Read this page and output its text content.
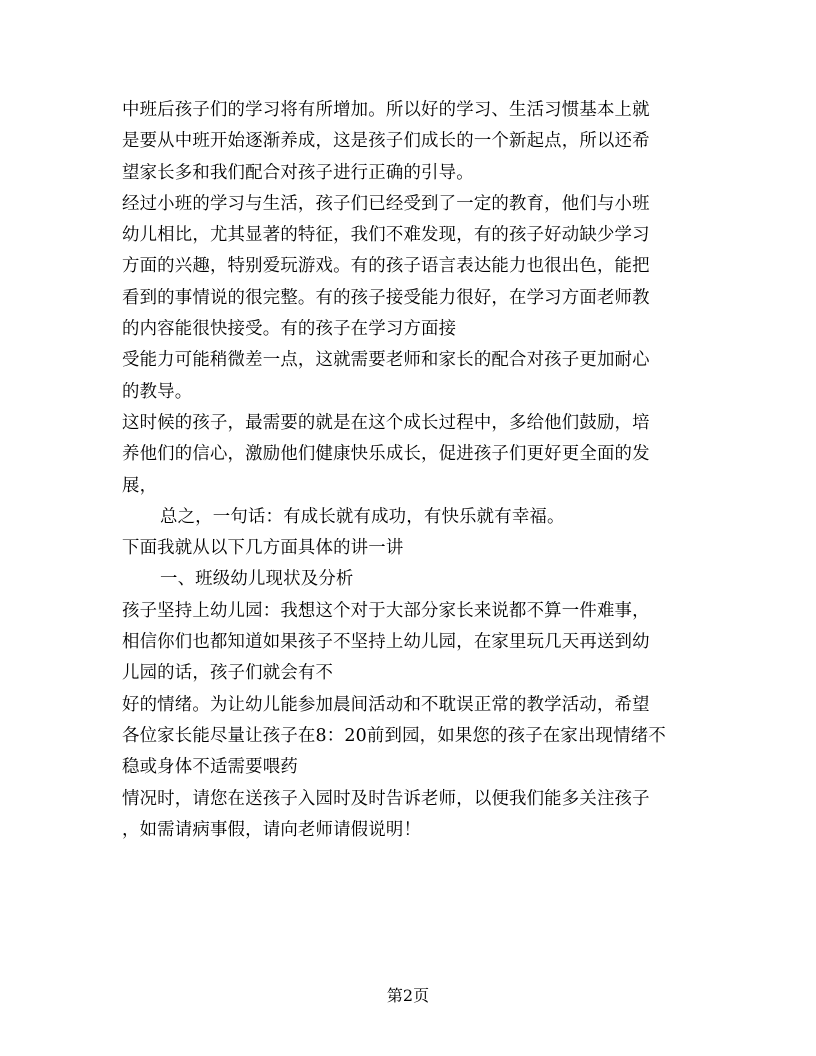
中班后孩子们的学习将有所增加。所以好的学习、生活习惯基本上就
是要从中班开始逐渐养成，这是孩子们成长的一个新起点，所以还希
望家长多和我们配合对孩子进行正确的引导。
经过小班的学习与生活，孩子们已经受到了一定的教育，他们与小班
幼儿相比，尤其显著的特征，我们不难发现，有的孩子好动缺少学习
方面的兴趣，特别爱玩游戏。有的孩子语言表达能力也很出色，能把
看到的事情说的很完整。有的孩子接受能力很好，在学习方面老师教
的内容能很快接受。有的孩子在学习方面接
受能力可能稍微差一点，这就需要老师和家长的配合对孩子更加耐心
的教导。
这时候的孩子，最需要的就是在这个成长过程中，多给他们鼓励，培
养他们的信心，激励他们健康快乐成长，促进孩子们更好更全面的发
展，
总之，一句话：有成长就有成功，有快乐就有幸福。
下面我就从以下几方面具体的讲一讲
一、班级幼儿现状及分析
孩子坚持上幼儿园：我想这个对于大部分家长来说都不算一件难事，
相信你们也都知道如果孩子不坚持上幼儿园，在家里玩几天再送到幼
儿园的话，孩子们就会有不
好的情绪。为让幼儿能参加晨间活动和不耽误正常的教学活动，希望
各位家长能尽量让孩子在8：20前到园，如果您的孩子在家出现情绪不
稳或身体不适需要喂药
情况时，请您在送孩子入园时及时告诉老师，以便我们能多关注孩子
，如需请病事假，请向老师请假说明！
第2页
